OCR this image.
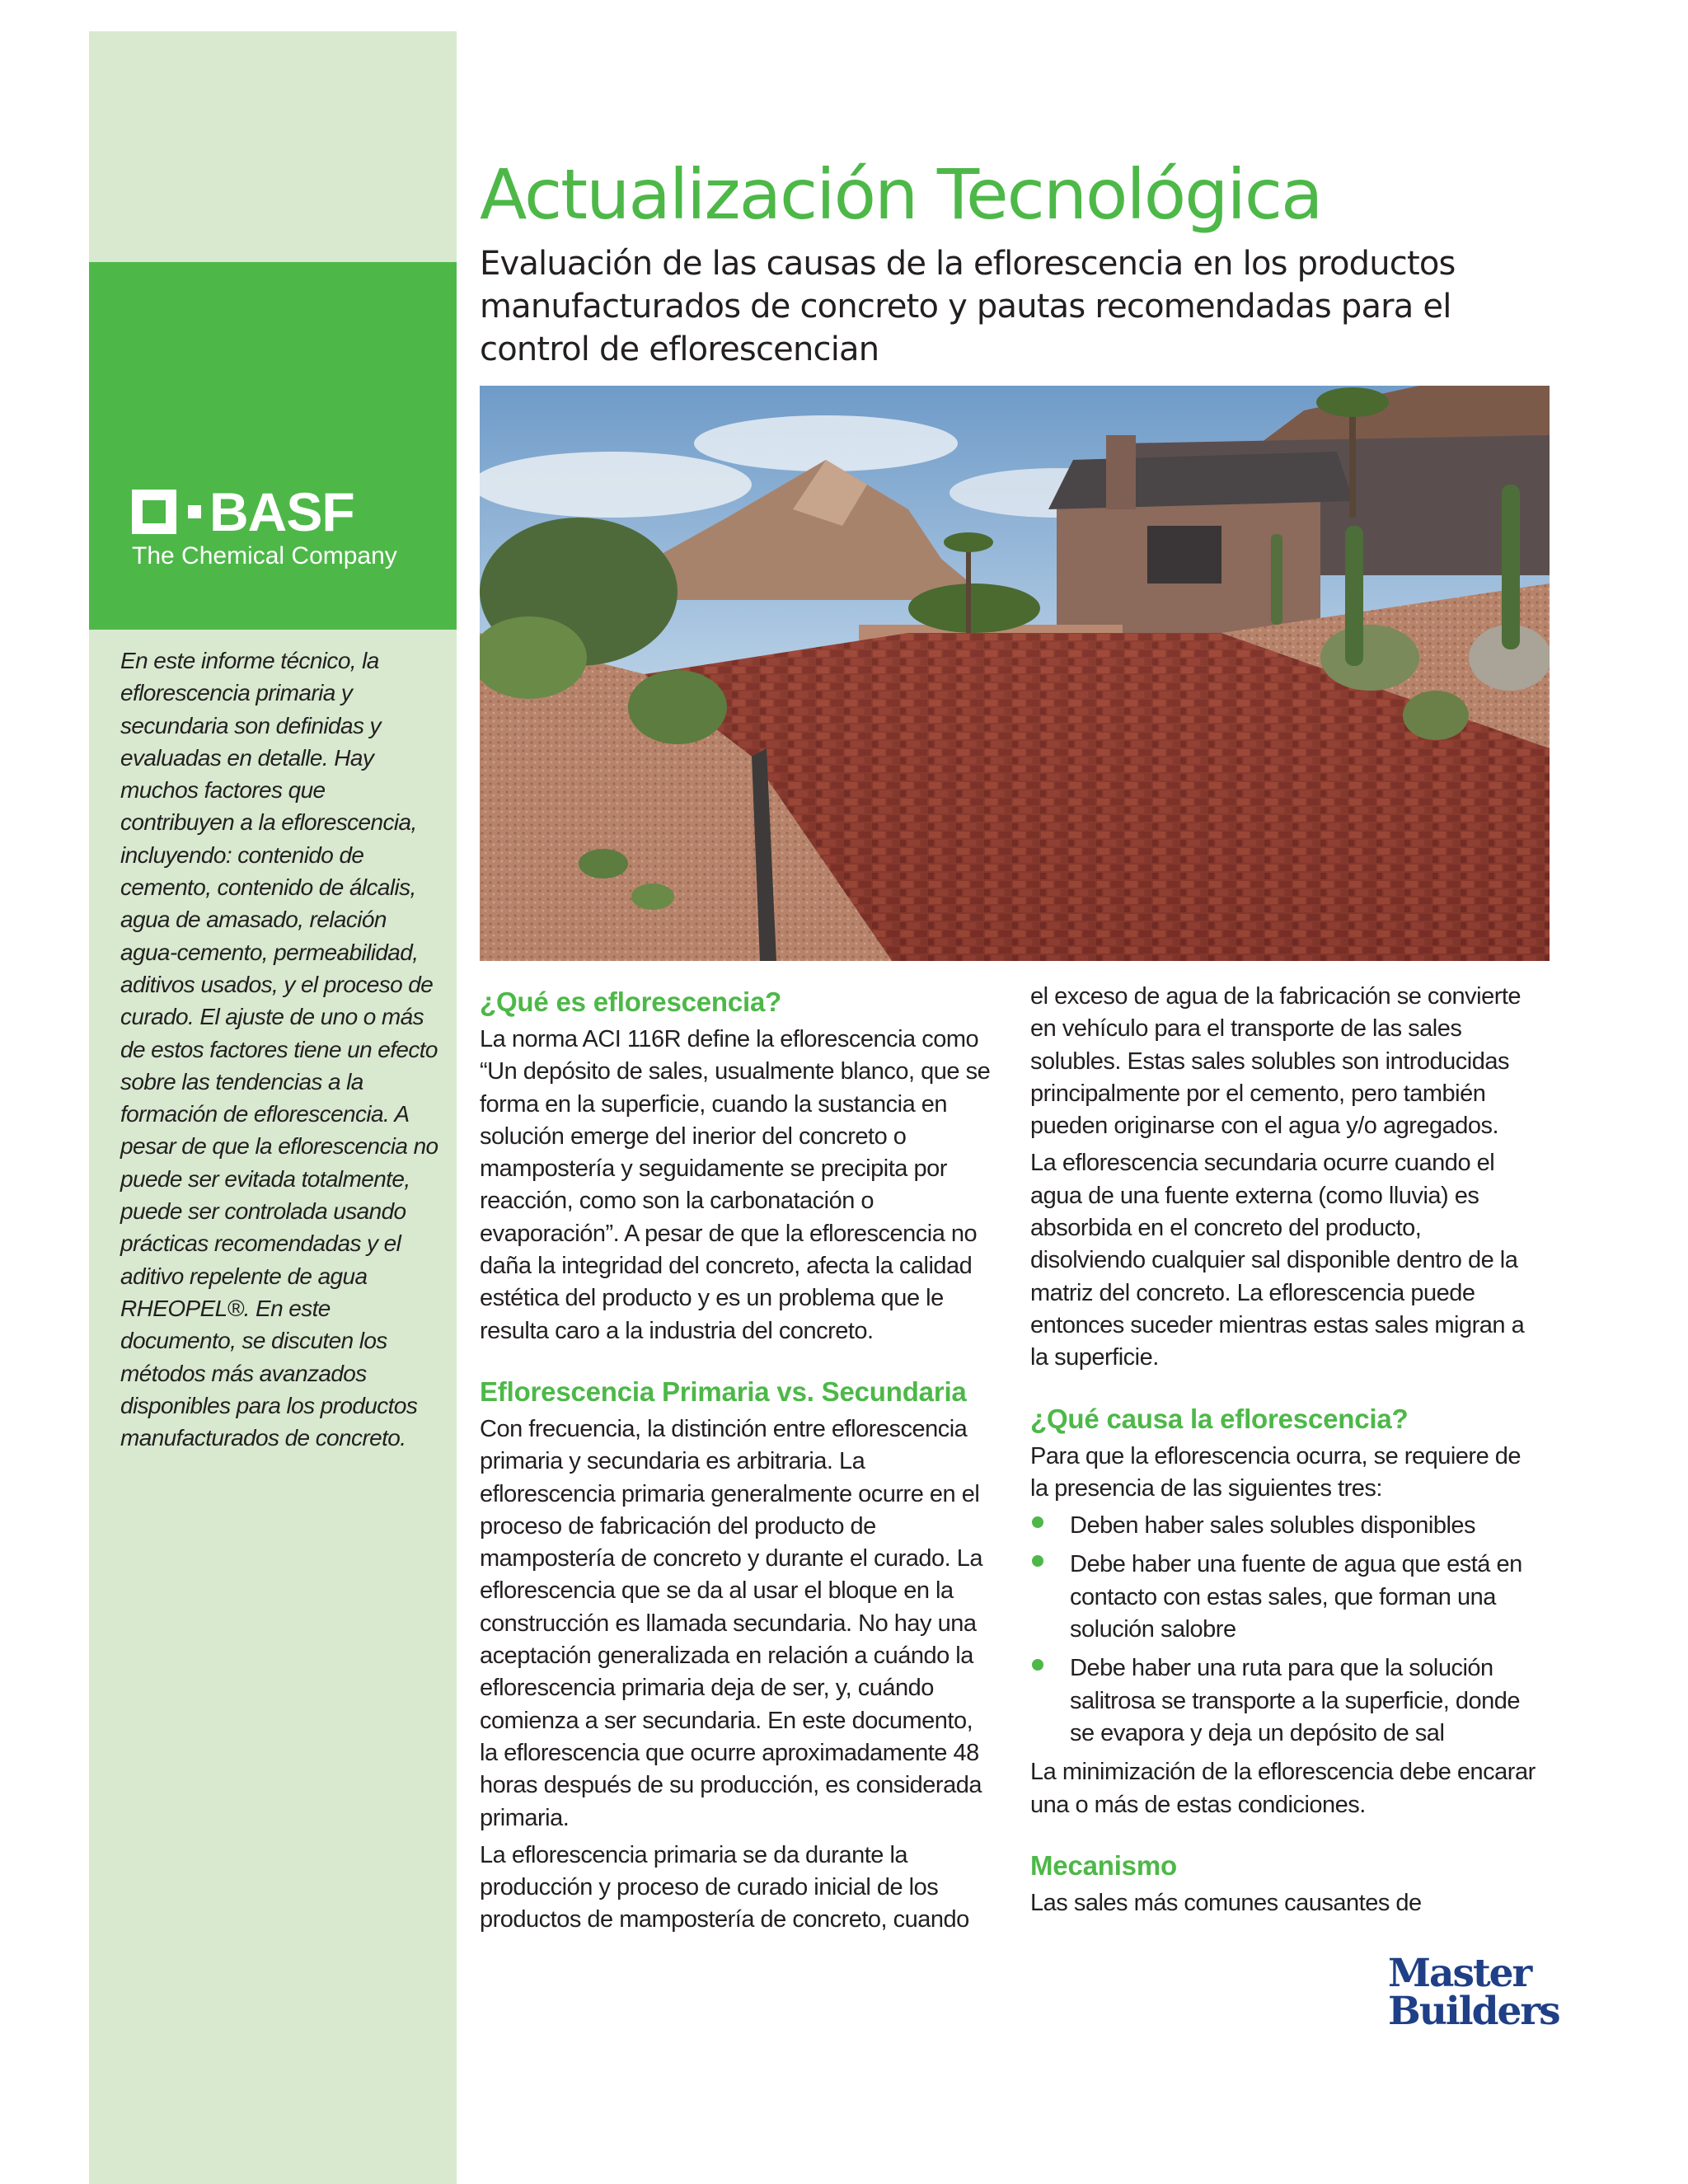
BASF
The Chemical Company
En este informe técnico, la eflorescencia primaria y secundaria son definidas y evaluadas en detalle. Hay muchos factores que contribuyen a la eflorescencia, incluyendo: contenido de cemento, contenido de álcalis, agua de amasado, relación agua-cemento, permeabilidad, aditivos usados, y el proceso de curado. El ajuste de uno o más de estos factores tiene un efecto sobre las tendencias a la formación de eflorescencia. A pesar de que la eflorescencia no puede ser evitada totalmente, puede ser controlada usando prácticas recomendadas y el aditivo repelente de agua RHEOPEL®. En este documento, se discuten los métodos más avanzados disponibles para los productos manufacturados de concreto.
Actualización Tecnológica
Evaluación de las causas de la eflorescencia en los productos manufacturados de concreto y pautas recomendadas para el control de eflorescencian
¿Qué es eflorescencia?

La norma ACI 116R define la eflorescencia como “Un depósito de sales, usualmente blanco, que se forma en la superficie, cuando la sustancia en solución emerge del inerior del concreto o mampostería y seguidamente se precipita por reacción, como son la carbonatación o evaporación”. A pesar de que la eflorescencia no daña la integridad del concreto, afecta la calidad estética del producto y es un problema que le resulta caro a la industria del concreto.

Eflorescencia Primaria vs. Secundaria

Con frecuencia, la distinción entre eflorescencia primaria y secundaria es arbitraria. La eflorescencia primaria generalmente ocurre en el proceso de fabricación del producto de mampostería de concreto y durante el curado. La eflorescencia que se da al usar el bloque en la construcción es llamada secundaria. No hay una aceptación generalizada en relación a cuándo la eflorescencia primaria deja de ser, y, cuándo comienza a ser secundaria. En este documento, la eflorescencia que ocurre aproximadamente 48 horas después de su producción, es considerada primaria.

La eflorescencia primaria se da durante la producción y proceso de curado inicial de los productos de mampostería de concreto, cuando

el exceso de agua de la fabricación se convierte en vehículo para el transporte de las sales solubles. Estas sales solubles son introducidas principalmente por el cemento, pero también pueden originarse con el agua y/o agregados.

La eflorescencia secundaria ocurre cuando el agua de una fuente externa (como lluvia) es absorbida en el concreto del producto, disolviendo cualquier sal disponible dentro de la matriz del concreto. La eflorescencia puede entonces suceder mientras estas sales migran a la superficie.

¿Qué causa la eflorescencia?

Para que la eflorescencia ocurra, se requiere de la presencia de las siguientes tres:

Deben haber sales solubles disponibles
Debe haber una fuente de agua que está en contacto con estas sales, que forman una solución salobre
Debe haber una ruta para que la solución salitrosa se transporte a la superficie, donde se evapora y deja un depósito de sal

La minimización de la eflorescencia debe encarar una o más de estas condiciones.

Mecanismo

Las sales más comunes causantes de

Master
Builders
